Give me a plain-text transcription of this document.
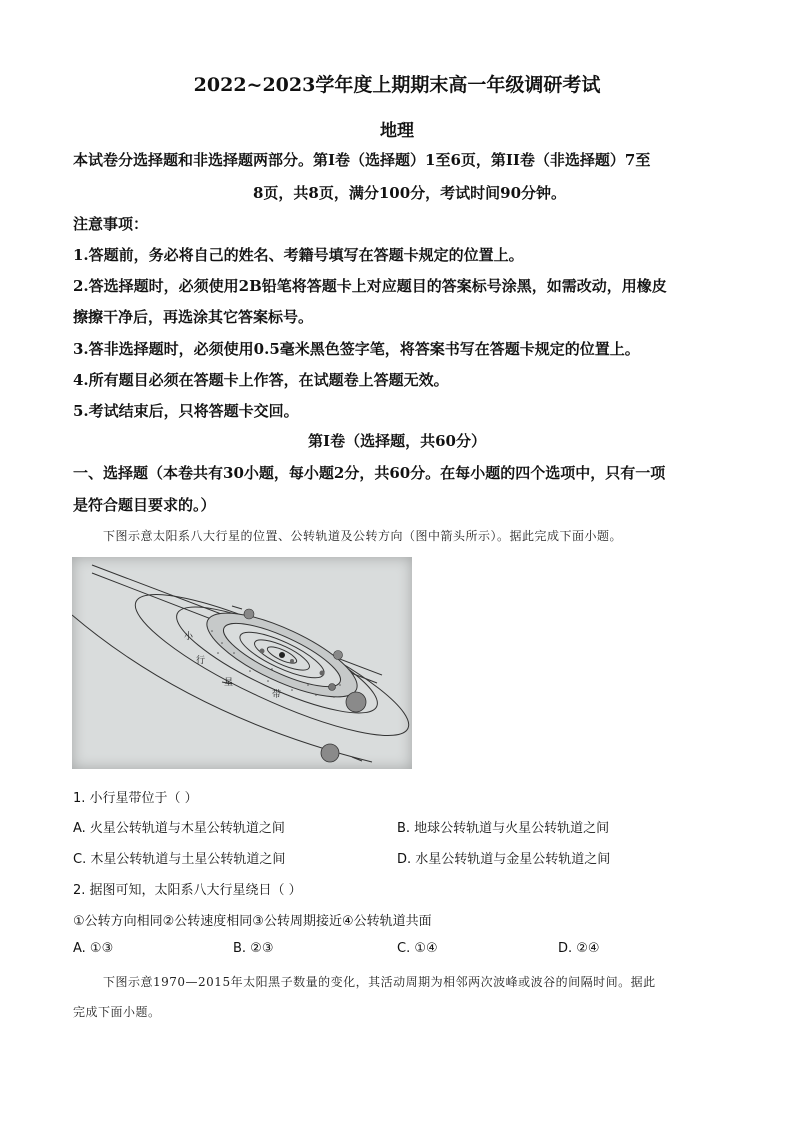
2022~2023学年度上期期末高一年级调研考试
地理
本试卷分选择题和非选择题两部分。第Ⅰ卷（选择题）1至6页，第II卷（非选择题）7至
8页，共8页，满分100分，考试时间90分钟。
注意事项：
1.答题前，务必将自己的姓名、考籍号填写在答题卡规定的位置上。
2.答选择题时，必须使用2B铅笔将答题卡上对应题目的答案标号涂黑，如需改动，用橡皮
擦擦干净后，再选涂其它答案标号。
3.答非选择题时，必须使用0.5毫米黑色签字笔，将答案书写在答题卡规定的位置上。
4.所有题目必须在答题卡上作答，在试题卷上答题无效。
5.考试结束后，只将答题卡交回。
第Ⅰ卷（选择题，共60分）
一、选择题（本卷共有30小题，每小题2分，共60分。在每小题的四个选项中，只有一项
是符合题目要求的。）
下图示意太阳系八大行星的位置、公转轨道及公转方向（图中箭头所示）。据此完成下面小题。
小
行
星
带
1. 小行星带位于（ ）
A. 火星公转轨道与木星公转轨道之间	B. 地球公转轨道与火星公转轨道之间
C. 木星公转轨道与土星公转轨道之间	D. 水星公转轨道与金星公转轨道之间
2. 据图可知，太阳系八大行星绕日（ ）
①公转方向相同②公转速度相同③公转周期接近④公转轨道共面
A. ①③	B. ②③	C. ①④	D. ②④
下图示意1970—2015年太阳黑子数量的变化，其活动周期为相邻两次波峰或波谷的间隔时间。据此
完成下面小题。
